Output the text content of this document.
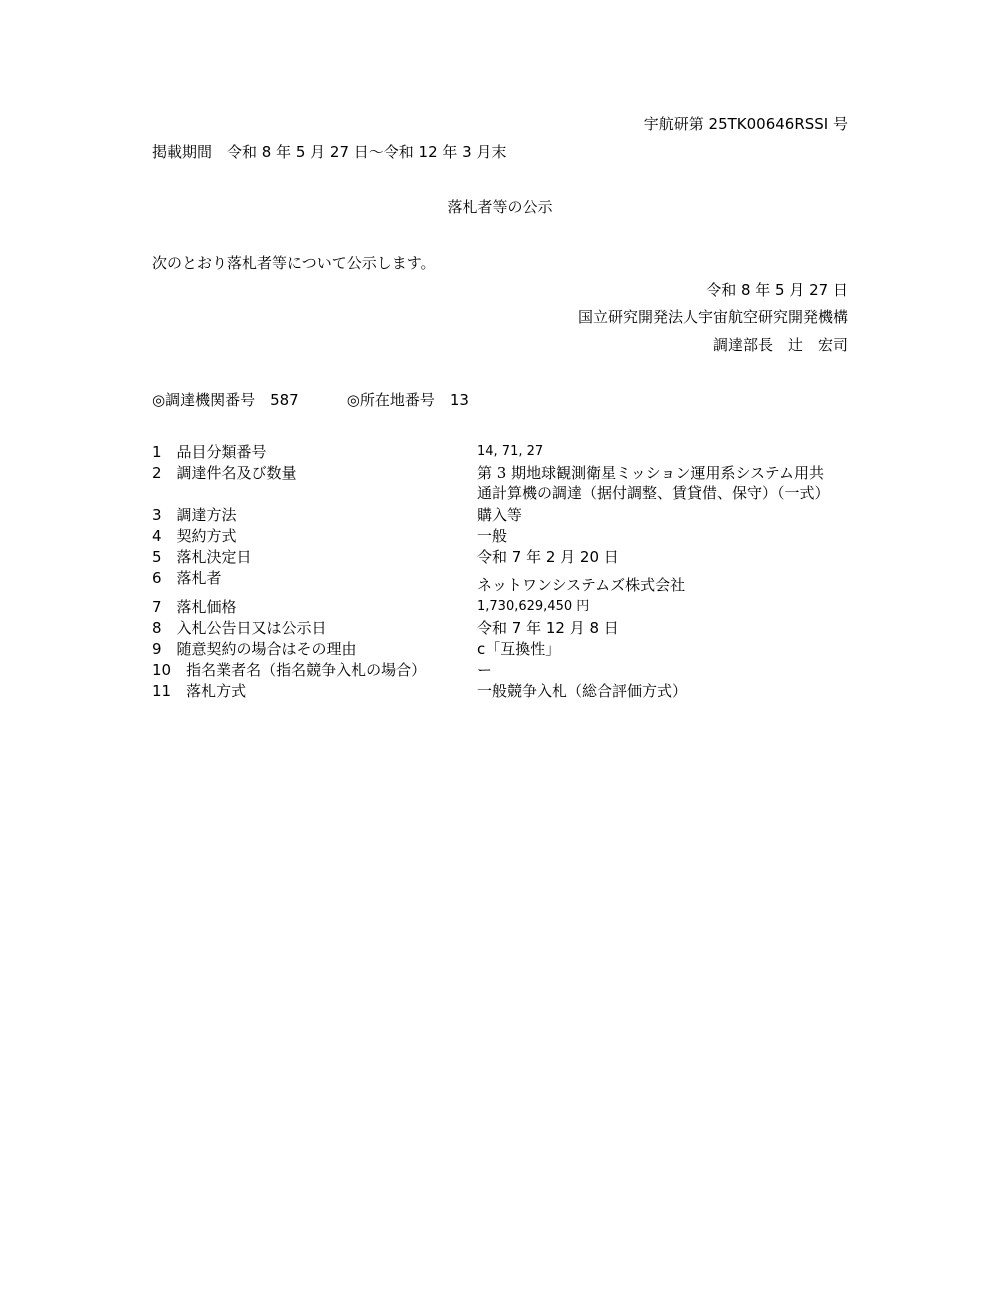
宇航研第 25TK00646RSSI 号
掲載期間　令和 8 年 5 月 27 日～令和 12 年 3 月末
落札者等の公示
次のとおり落札者等について公示します。
令和 8 年 5 月 27 日
国立研究開発法人宇宙航空研究開発機構
調達部長　辻　宏司
◎調達機関番号　587	◎所在地番号　13
1　品目分類番号	14, 71, 27
2　調達件名及び数量	第 3 期地球観測衛星ミッション運用系システム用共
通計算機の調達（据付調整、賃貸借、保守）（一式）
3　調達方法	購入等
4　契約方式	一般
5　落札決定日	令和 7 年 2 月 20 日
6　落札者	ネットワンシステムズ株式会社
7　落札価格	1,730,629,450 円
8　入札公告日又は公示日	令和 7 年 12 月 8 日
9　随意契約の場合はその理由	c「互換性」
10　指名業者名（指名競争入札の場合）	ー
11　落札方式	一般競争入札（総合評価方式）
